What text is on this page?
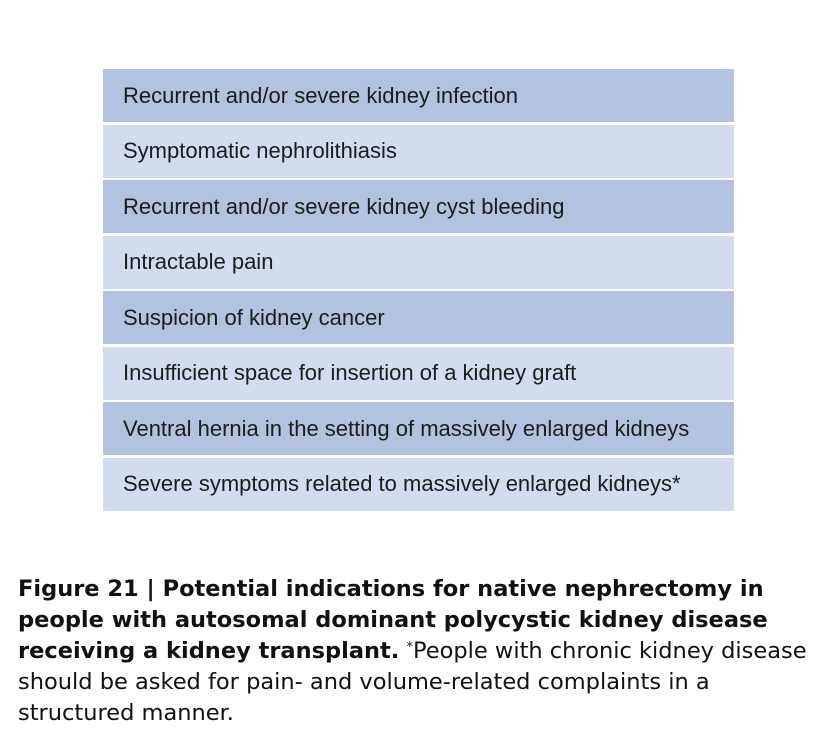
Recurrent and/or severe kidney infection
Symptomatic nephrolithiasis
Recurrent and/or severe kidney cyst bleeding
Intractable pain
Suspicion of kidney cancer
Insufficient space for insertion of a kidney graft
Ventral hernia in the setting of massively enlarged kidneys
Severe symptoms related to massively enlarged kidneys*
Figure 21 | Potential indications for native nephrectomy in people with autosomal dominant polycystic kidney disease receiving a kidney transplant. *People with chronic kidney disease should be asked for pain- and volume-related complaints in a structured manner.
